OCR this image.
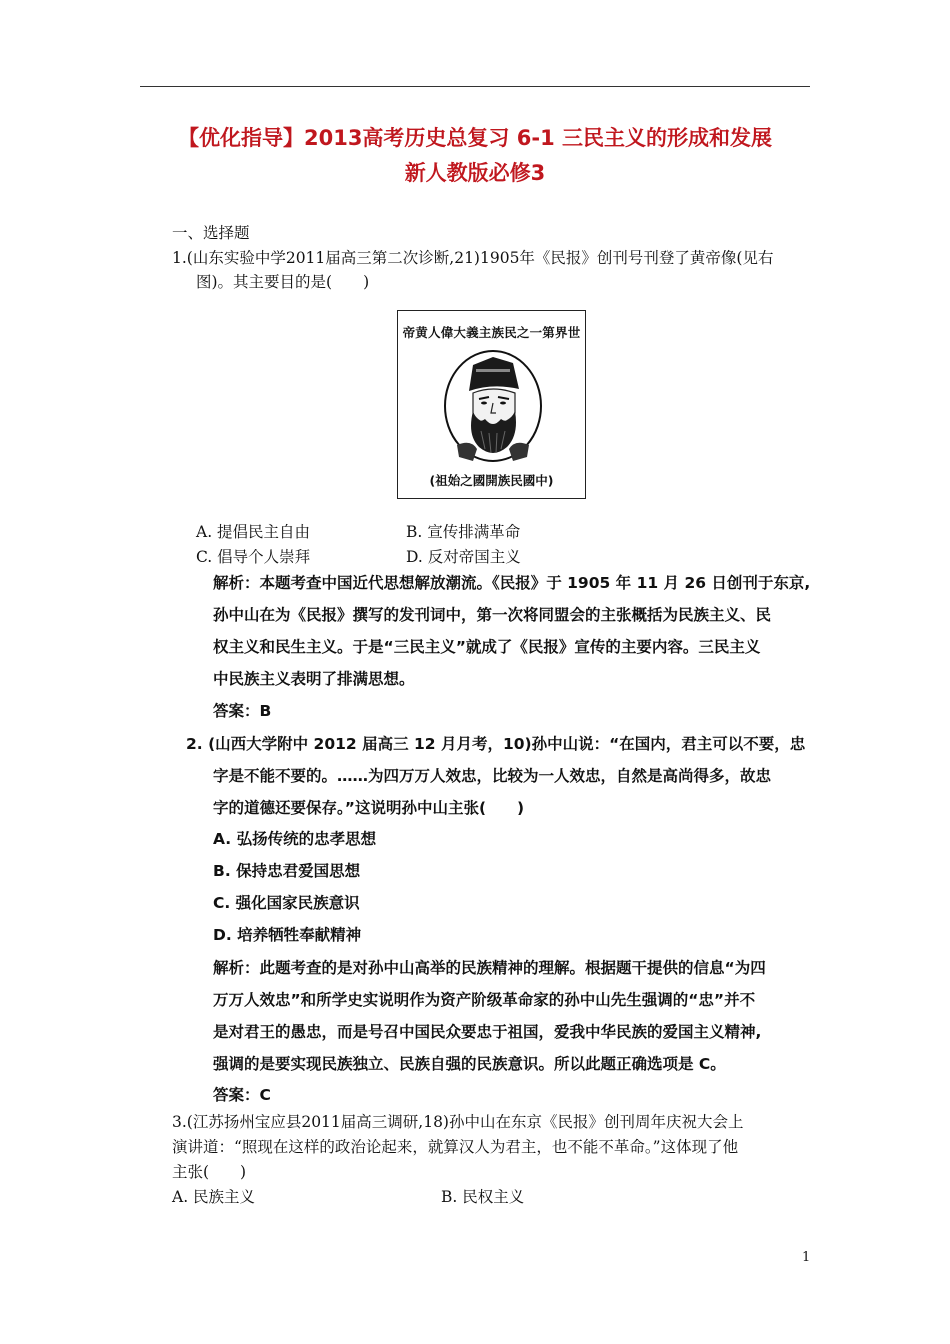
【优化指导】2013高考历史总复习 6-1 三民主义的形成和发展
新人教版必修3
一、选择题
1.(山东实验中学2011届高三第二次诊断,21)1905年《民报》创刊号刊登了黄帝像(见右
图)。其主要目的是(　　)
帝黄人偉大義主族民之一第界世
(祖始之國開族民國中)
A. 提倡民主自由	B. 宣传排满革命
C. 倡导个人崇拜	D. 反对帝国主义
解析：本题考查中国近代思想解放潮流。《民报》于 1905 年 11 月 26 日创刊于东京,
孙中山在为《民报》撰写的发刊词中，第一次将同盟会的主张概括为民族主义、民
权主义和民生主义。于是“三民主义”就成了《民报》宣传的主要内容。三民主义
中民族主义表明了排满思想。
答案：B
2. (山西大学附中 2012 届高三 12 月月考，10)孙中山说：“在国内，君主可以不要，忠
字是不能不要的。……为四万万人效忠，比较为一人效忠，自然是高尚得多，故忠
字的道德还要保存。”这说明孙中山主张(　　)
A. 弘扬传统的忠孝思想
B. 保持忠君爱国思想
C. 强化国家民族意识
D. 培养牺牲奉献精神
解析：此题考查的是对孙中山高举的民族精神的理解。根据题干提供的信息“为四
万万人效忠”和所学史实说明作为资产阶级革命家的孙中山先生强调的“忠”并不
是对君王的愚忠，而是号召中国民众要忠于祖国，爱我中华民族的爱国主义精神,
强调的是要实现民族独立、民族自强的民族意识。所以此题正确选项是 C。
答案：C
3.(江苏扬州宝应县2011届高三调研,18)孙中山在东京《民报》创刊周年庆祝大会上
演讲道：“照现在这样的政治论起来，就算汉人为君主，也不能不革命。”这体现了他
主张(　　)
A. 民族主义	B. 民权主义
1
